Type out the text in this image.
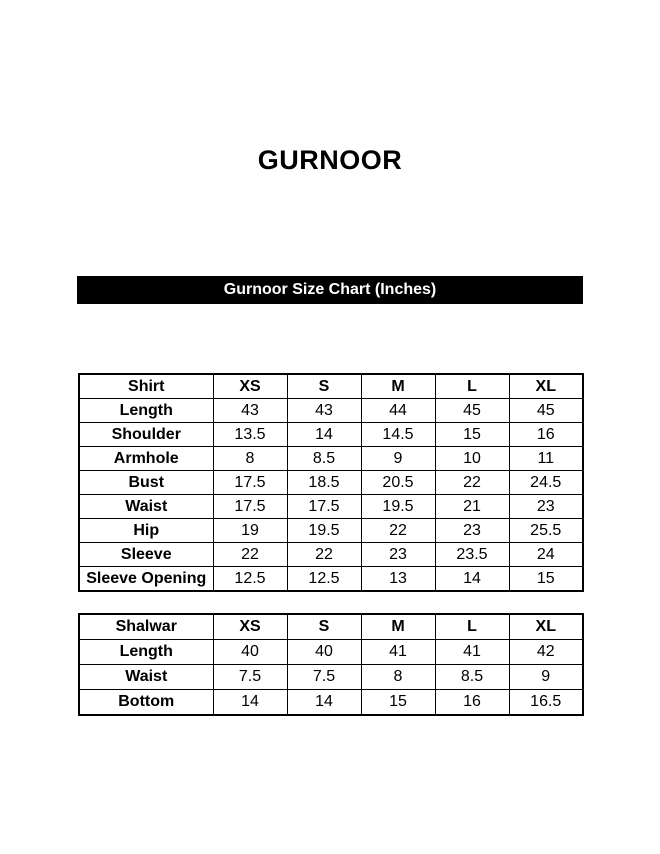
GURNOOR
Gurnoor Size Chart (Inches)
Shirt	XS	S	M	L	XL
Length	43	43	44	45	45
Shoulder	13.5	14	14.5	15	16
Armhole	8	8.5	9	10	11
Bust	17.5	18.5	20.5	22	24.5
Waist	17.5	17.5	19.5	21	23
Hip	19	19.5	22	23	25.5
Sleeve	22	22	23	23.5	24
Sleeve Opening	12.5	12.5	13	14	15
Shalwar	XS	S	M	L	XL
Length	40	40	41	41	42
Waist	7.5	7.5	8	8.5	9
Bottom	14	14	15	16	16.5
